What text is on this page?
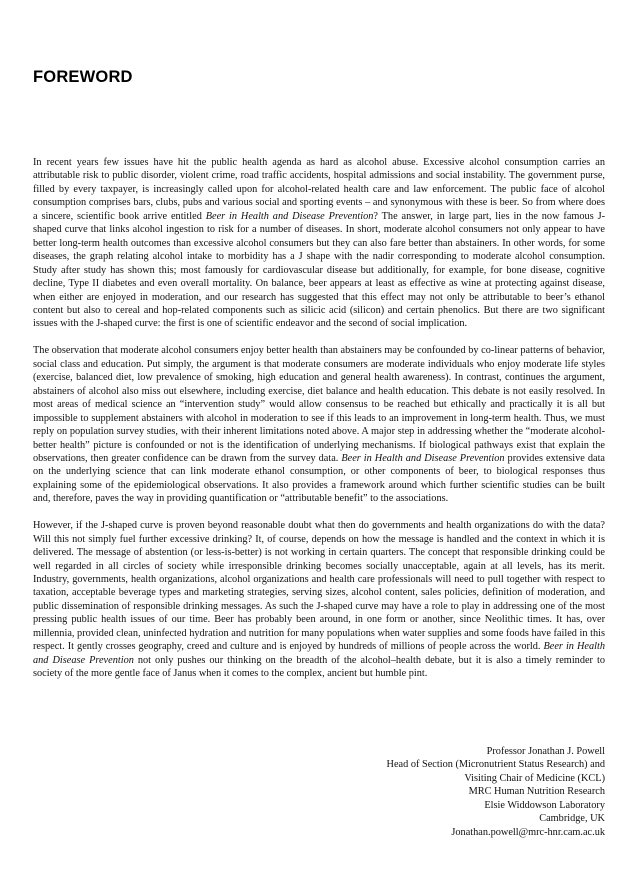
FOREWORD

In recent years few issues have hit the public health agenda as hard as alcohol abuse. Excessive alcohol consumption carries an attributable risk to public disorder, violent crime, road traffic accidents, hospital admissions and social instability. The government purse, filled by every taxpayer, is increasingly called upon for alcohol-related health care and law enforcement. The public face of alcohol consumption comprises bars, clubs, pubs and various social and sporting events – and synonymous with these is beer. So from where does a sincere, scientific book arrive entitled Beer in Health and Disease Prevention? The answer, in large part, lies in the now famous J-shaped curve that links alcohol ingestion to risk for a number of diseases. In short, moderate alcohol consumers not only appear to have better long-term health outcomes than excessive alcohol consumers but they can also fare better than abstainers. In other words, for some diseases, the graph relating alcohol intake to morbidity has a J shape with the nadir corresponding to moderate alcohol consumption. Study after study has shown this; most famously for cardiovascular disease but additionally, for example, for bone disease, cognitive decline, Type II diabetes and even overall mortality. On balance, beer appears at least as effective as wine at protecting against disease, when either are enjoyed in moderation, and our research has suggested that this effect may not only be attributable to beer’s ethanol content but also to cereal and hop-related components such as silicic acid (silicon) and certain phenolics. But there are two significant issues with the J-shaped curve: the first is one of scientific endeavor and the second of social implication.

The observation that moderate alcohol consumers enjoy better health than abstainers may be confounded by co-linear patterns of behavior, social class and education. Put simply, the argument is that moderate consumers are moderate individuals who enjoy moderate life styles (exercise, balanced diet, low prevalence of smoking, high education and general health awareness). In contrast, continues the argument, abstainers of alcohol also miss out elsewhere, including exercise, diet balance and health education. This debate is not easily resolved. In most areas of medical science an “intervention study” would allow consensus to be reached but ethically and practically it is all but impossible to supplement abstainers with alcohol in moderation to see if this leads to an improvement in long-term health. Thus, we must reply on population survey studies, with their inherent limitations noted above. A major step in addressing whether the “moderate alcohol-better health” picture is confounded or not is the identification of underlying mechanisms. If biological pathways exist that explain the observations, then greater confidence can be drawn from the survey data. Beer in Health and Disease Prevention provides extensive data on the underlying science that can link moderate ethanol consumption, or other components of beer, to biological responses thus explaining some of the epidemiological observations. It also provides a framework around which further scientific studies can be built and, therefore, paves the way in providing quantification or “attributable benefit” to the associations.

However, if the J-shaped curve is proven beyond reasonable doubt what then do governments and health organizations do with the data? Will this not simply fuel further excessive drinking? It, of course, depends on how the message is handled and the context in which it is delivered. The message of abstention (or less-is-better) is not working in certain quarters. The concept that responsible drinking could be well regarded in all circles of society while irresponsible drinking becomes socially unacceptable, again at all levels, has its merit. Industry, governments, health organizations, alcohol organizations and health care professionals will need to pull together with respect to taxation, acceptable beverage types and marketing strategies, serving sizes, alcohol content, sales policies, definition of moderation, and public dissemination of responsible drinking messages. As such the J-shaped curve may have a role to play in addressing one of the most pressing public health issues of our time. Beer has probably been around, in one form or another, since Neolithic times. It has, over millennia, provided clean, uninfected hydration and nutrition for many populations when water supplies and some foods have failed in this respect. It gently crosses geography, creed and culture and is enjoyed by hundreds of millions of people across the world. Beer in Health and Disease Prevention not only pushes our thinking on the breadth of the alcohol–health debate, but it is also a timely reminder to society of the more gentle face of Janus when it comes to the complex, ancient but humble pint.

Professor Jonathan J. Powell
Head of Section (Micronutrient Status Research) and
Visiting Chair of Medicine (KCL)
MRC Human Nutrition Research
Elsie Widdowson Laboratory
Cambridge, UK
Jonathan.powell@mrc-hnr.cam.ac.uk
